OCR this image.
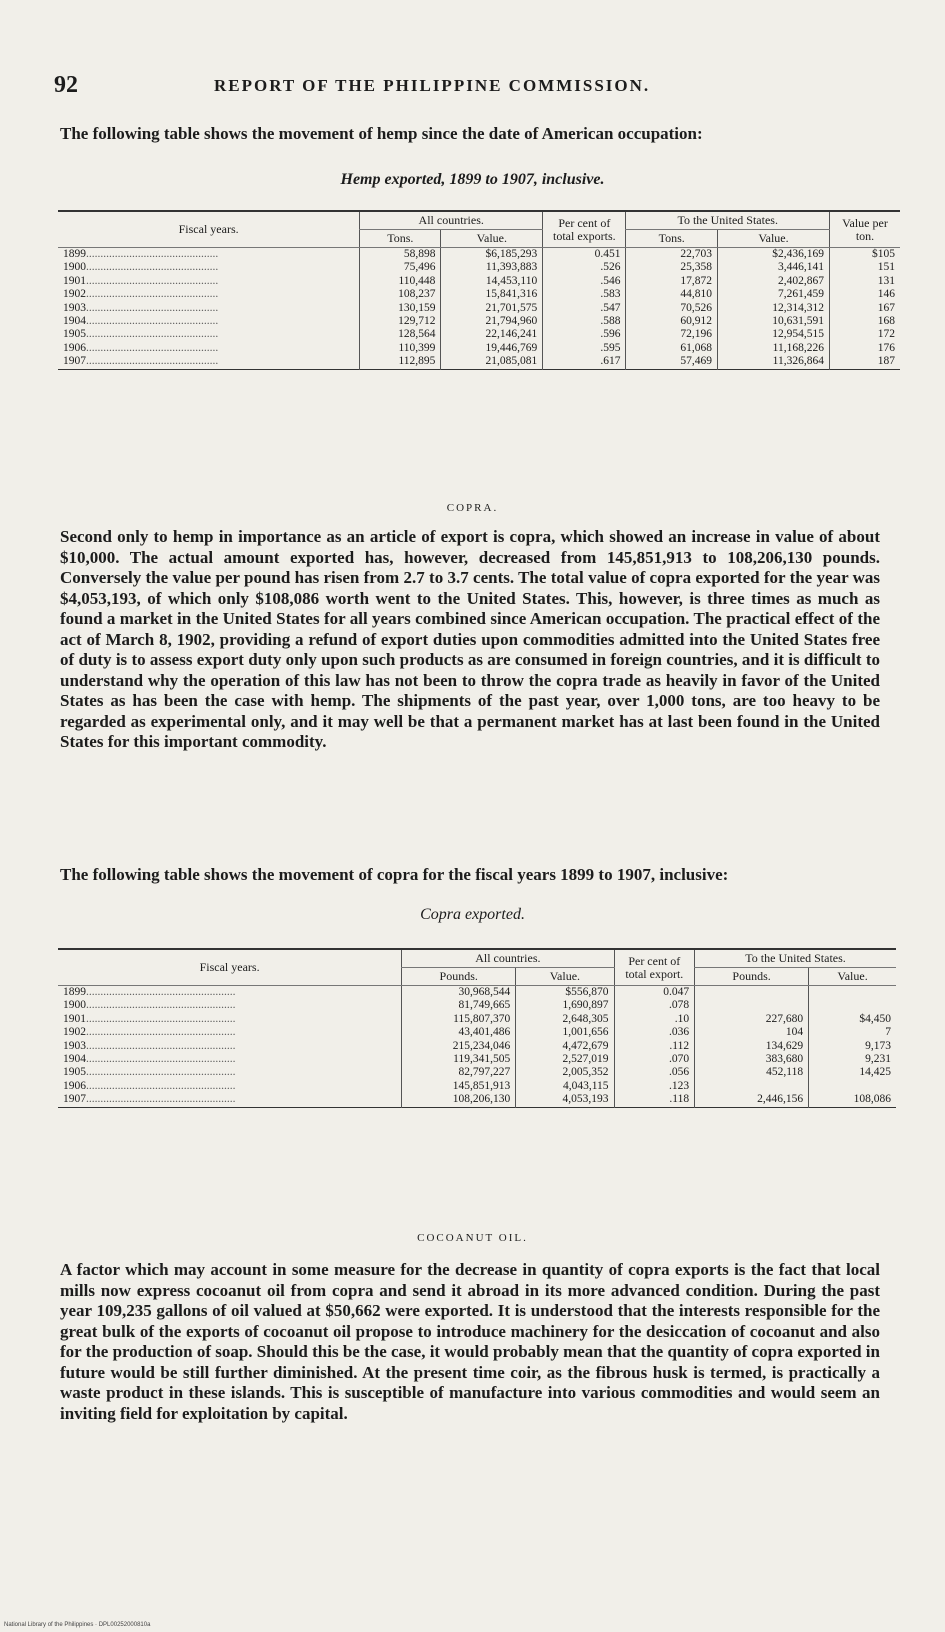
92	REPORT OF THE PHILIPPINE COMMISSION.

The following table shows the movement of hemp since the date of American occupation:

Hemp exported, 1899 to 1907, inclusive.
Fiscal years.	All countries.		Per cent of total exports.	To the United States.		Value per ton.
	Tons.	Value.		Tons.	Value.	
1899..............................................	58,898	$6,185,293	0.451	22,703	$2,436,169	$105
1900..............................................	75,496	11,393,883	.526	25,358	3,446,141	151
1901..............................................	110,448	14,453,110	.546	17,872	2,402,867	131
1902..............................................	108,237	15,841,316	.583	44,810	7,261,459	146
1903..............................................	130,159	21,701,575	.547	70,526	12,314,312	167
1904..............................................	129,712	21,794,960	.588	60,912	10,631,591	168
1905..............................................	128,564	22,146,241	.596	72,196	12,954,515	172
1906..............................................	110,399	19,446,769	.595	61,068	11,168,226	176
1907..............................................	112,895	21,085,081	.617	57,469	11,326,864	187
COPRA.

Second only to hemp in importance as an article of export is copra, which showed an increase in value of about $10,000. The actual amount exported has, however, decreased from 145,851,913 to 108,206,130 pounds. Conversely the value per pound has risen from 2.7 to 3.7 cents. The total value of copra exported for the year was $4,053,193, of which only $108,086 worth went to the United States. This, however, is three times as much as found a market in the United States for all years combined since American occupation. The practical effect of the act of March 8, 1902, providing a refund of export duties upon commodities admitted into the United States free of duty is to assess export duty only upon such products as are consumed in foreign countries, and it is difficult to understand why the operation of this law has not been to throw the copra trade as heavily in favor of the United States as has been the case with hemp. The shipments of the past year, over 1,000 tons, are too heavy to be regarded as experimental only, and it may well be that a permanent market has at last been found in the United States for this important commodity.

The following table shows the movement of copra for the fiscal years 1899 to 1907, inclusive:

Copra exported.
Fiscal years.	All countries.		Per cent of total export.	To the United States.	
	Pounds.	Value.		Pounds.	Value.
1899....................................................	30,968,544	$556,870	0.047		
1900....................................................	81,749,665	1,690,897	.078		
1901....................................................	115,807,370	2,648,305	.10	227,680	$4,450
1902....................................................	43,401,486	1,001,656	.036	104	7
1903....................................................	215,234,046	4,472,679	.112	134,629	9,173
1904....................................................	119,341,505	2,527,019	.070	383,680	9,231
1905....................................................	82,797,227	2,005,352	.056	452,118	14,425
1906....................................................	145,851,913	4,043,115	.123		
1907....................................................	108,206,130	4,053,193	.118	2,446,156	108,086
COCOANUT OIL.

A factor which may account in some measure for the decrease in quantity of copra exports is the fact that local mills now express cocoanut oil from copra and send it abroad in its more advanced condition. During the past year 109,235 gallons of oil valued at $50,662 were exported. It is understood that the interests responsible for the great bulk of the exports of cocoanut oil propose to introduce machinery for the desiccation of cocoanut and also for the production of soap. Should this be the case, it would probably mean that the quantity of copra exported in future would be still further diminished. At the present time coir, as the fibrous husk is termed, is practically a waste product in these islands. This is susceptible of manufacture into various commodities and would seem an inviting field for exploitation by capital.

National Library of the Philippines · DPL00252000810a
